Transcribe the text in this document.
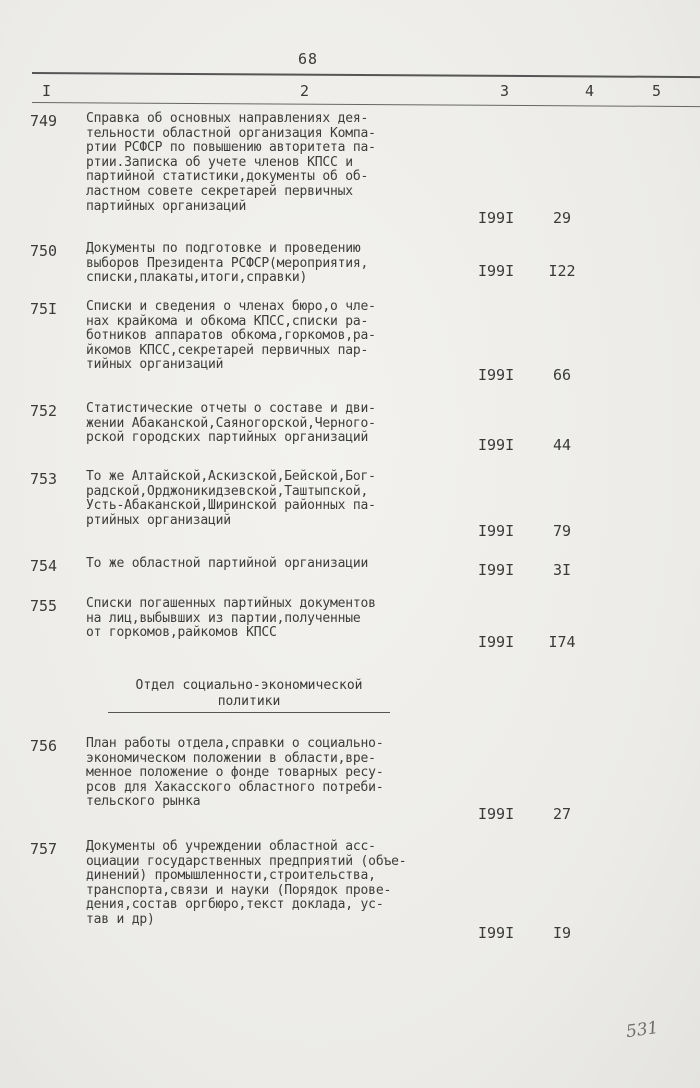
68
I	2	3	4	5
749 Справка об основных направлениях дея-
тельности областной организация Компа-
ртии РСФСР по повышению авторитета па-
ртии.Записка об учете членов КПСС и
партийной статистики,документы об об-
ластном совете секретарей первичных
партийных организаций
I99I	29
750 Документы по подготовке и проведению
выборов Президента РСФСР(мероприятия,
списки,плакаты,итоги,справки)	I99I	I22
75I Списки и сведения о членах бюро,о чле-
нах крайкома и обкома КПСС,списки ра-
ботников аппаратов обкома,горкомов,ра-
йкомов КПСС,секретарей первичных пар-
тийных организаций
I99I	66
752 Статистические отчеты о составе и дви-
жении Абаканской,Саяногорской,Черного-
рской городских партийных организаций	I99I	44
753 То же Алтайской,Аскизской,Бейской,Бог-
радской,Орджоникидзевской,Таштыпской,
Усть-Абаканской,Ширинской районных па-
ртийных организаций
I99I	79
754 То же областной партийной организации	I99I	3I
755 Списки погашенных партийных документов
на лиц,выбывших из партии,полученные
от горкомов,райкомов КПСС
I99I	I74
Отдел социально-экономической
политики
756 План работы отдела,справки о социально-
экономическом положении в области,вре-
менное положение о фонде товарных ресу-
рсов для Хакасского областного потреби-
тельского рынка
I99I	27
757 Документы об учреждении областной асс-
оциации государственных предприятий (объе-
динений) промышленности,строительства,
транспорта,связи и науки (Порядок прове-
дения,состав оргбюро,текст доклада, ус-
тав и др)
I99I	I9
531
